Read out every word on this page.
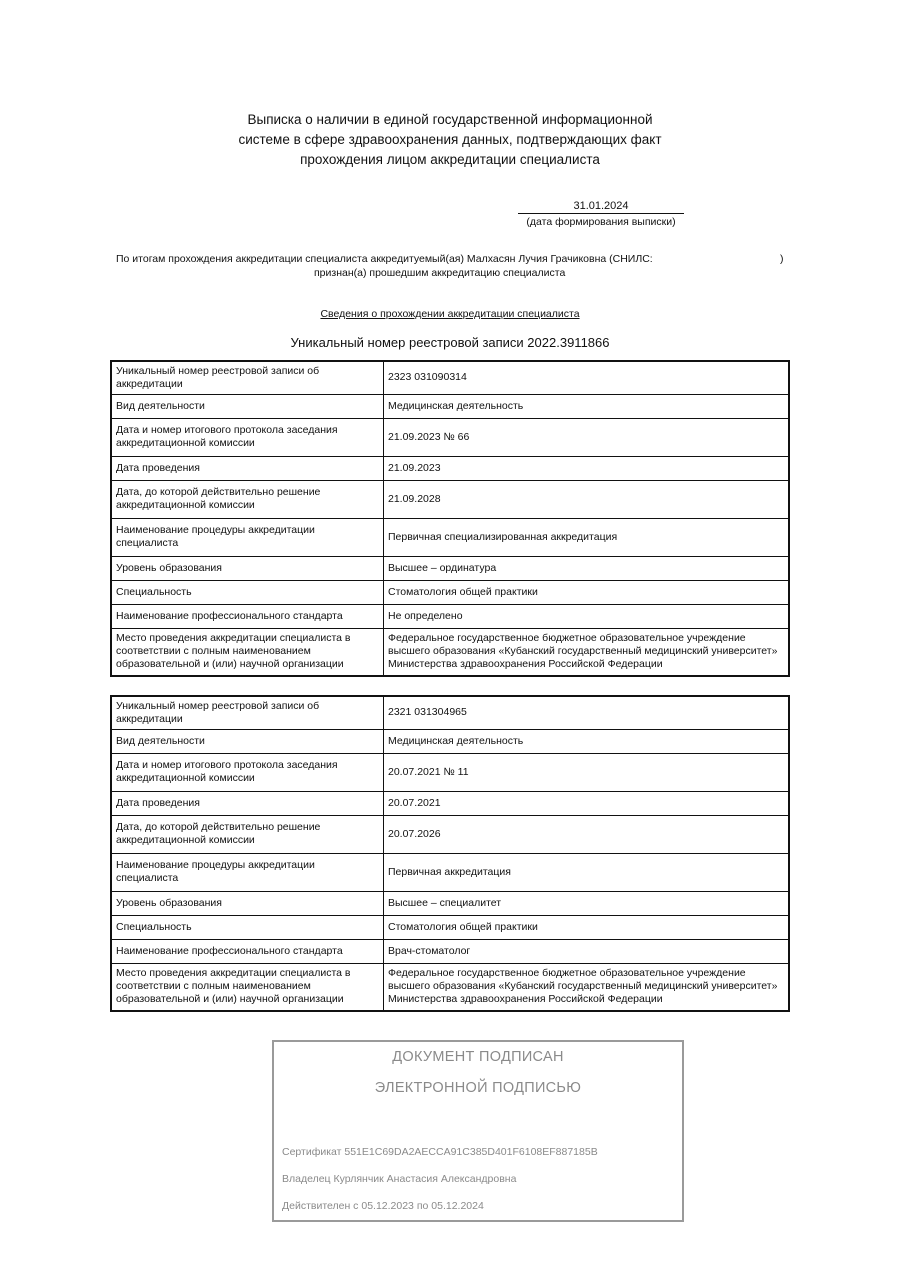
Выписка о наличии в единой государственной информационной
системе в сфере здравоохранения данных, подтверждающих факт
прохождения лицом аккредитации специалиста
31.01.2024
(дата формирования выписки)
По итогам прохождения аккредитации специалиста аккредитуемый(ая) Малхасян Лучия Грачиковна (СНИЛС:	)
признан(а) прошедшим аккредитацию специалиста
Сведения о прохождении аккредитации специалиста
Уникальный номер реестровой записи 2022.3911866
Уникальный номер реестровой записи об аккредитации	2323 031090314
Вид деятельности	Медицинская деятельность
Дата и номер итогового протокола заседания аккредитационной комиссии	21.09.2023 № 66
Дата проведения	21.09.2023
Дата, до которой действительно решение аккредитационной комиссии	21.09.2028
Наименование процедуры аккредитации специалиста	Первичная специализированная аккредитация
Уровень образования	Высшее – ординатура
Специальность	Стоматология общей практики
Наименование профессионального стандарта	Не определено
Место проведения аккредитации специалиста в соответствии с полным наименованием образовательной и (или) научной организации	Федеральное государственное бюджетное образовательное учреждение высшего образования «Кубанский государственный медицинский университет» Министерства здравоохранения Российской Федерации
Уникальный номер реестровой записи об аккредитации	2321 031304965
Вид деятельности	Медицинская деятельность
Дата и номер итогового протокола заседания аккредитационной комиссии	20.07.2021 № 11
Дата проведения	20.07.2021
Дата, до которой действительно решение аккредитационной комиссии	20.07.2026
Наименование процедуры аккредитации специалиста	Первичная аккредитация
Уровень образования	Высшее – специалитет
Специальность	Стоматология общей практики
Наименование профессионального стандарта	Врач-стоматолог
Место проведения аккредитации специалиста в соответствии с полным наименованием образовательной и (или) научной организации	Федеральное государственное бюджетное образовательное учреждение высшего образования «Кубанский государственный медицинский университет» Министерства здравоохранения Российской Федерации
ДОКУМЕНТ ПОДПИСАН
ЭЛЕКТРОННОЙ ПОДПИСЬЮ
Сертификат 551E1C69DA2AECCA91C385D401F6108EF887185B
Владелец Курлянчик Анастасия Александровна
Действителен с 05.12.2023 по 05.12.2024
